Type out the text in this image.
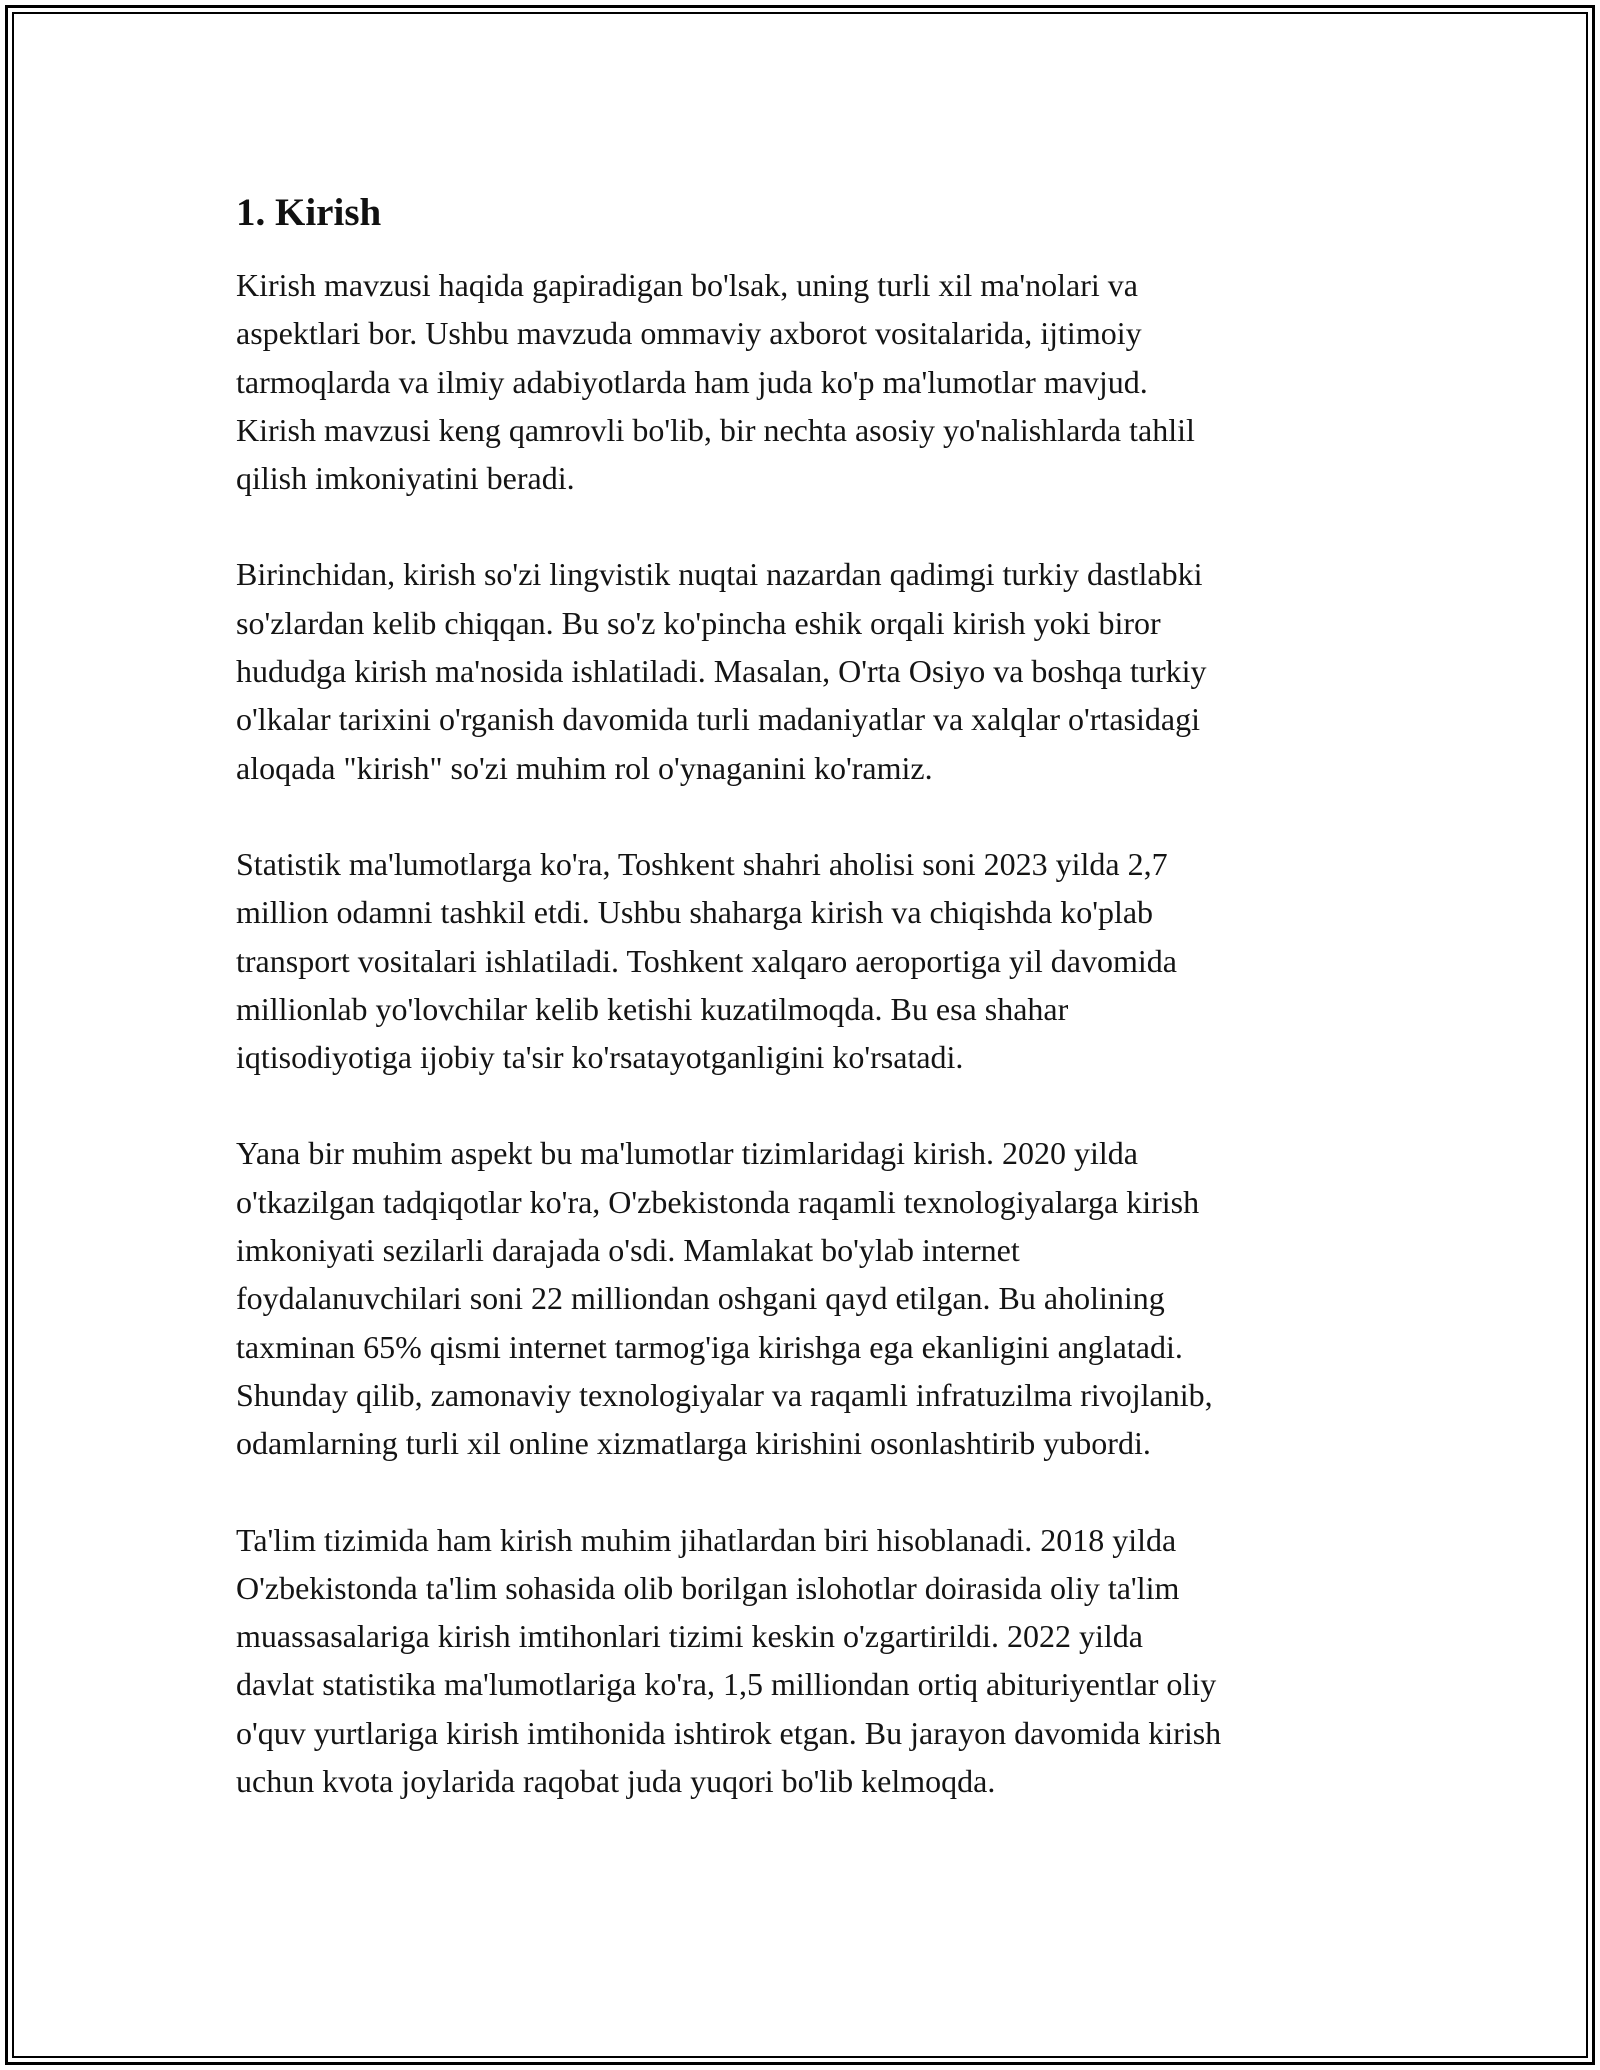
1. Kirish

Kirish mavzusi haqida gapiradigan bo'lsak, uning turli xil ma'nolari va
aspektlari bor. Ushbu mavzuda ommaviy axborot vositalarida, ijtimoiy
tarmoqlarda va ilmiy adabiyotlarda ham juda ko'p ma'lumotlar mavjud.
Kirish mavzusi keng qamrovli bo'lib, bir nechta asosiy yo'nalishlarda tahlil
qilish imkoniyatini beradi.

Birinchidan, kirish so'zi lingvistik nuqtai nazardan qadimgi turkiy dastlabki
so'zlardan kelib chiqqan. Bu so'z ko'pincha eshik orqali kirish yoki biror
hududga kirish ma'nosida ishlatiladi. Masalan, O'rta Osiyo va boshqa turkiy
o'lkalar tarixini o'rganish davomida turli madaniyatlar va xalqlar o'rtasidagi
aloqada "kirish" so'zi muhim rol o'ynaganini ko'ramiz.

Statistik ma'lumotlarga ko'ra, Toshkent shahri aholisi soni 2023 yilda 2,7
million odamni tashkil etdi. Ushbu shaharga kirish va chiqishda ko'plab
transport vositalari ishlatiladi. Toshkent xalqaro aeroportiga yil davomida
millionlab yo'lovchilar kelib ketishi kuzatilmoqda. Bu esa shahar
iqtisodiyotiga ijobiy ta'sir ko'rsatayotganligini ko'rsatadi.

Yana bir muhim aspekt bu ma'lumotlar tizimlaridagi kirish. 2020 yilda
o'tkazilgan tadqiqotlar ko'ra, O'zbekistonda raqamli texnologiyalarga kirish
imkoniyati sezilarli darajada o'sdi. Mamlakat bo'ylab internet
foydalanuvchilari soni 22 milliondan oshgani qayd etilgan. Bu aholining
taxminan 65% qismi internet tarmog'iga kirishga ega ekanligini anglatadi.
Shunday qilib, zamonaviy texnologiyalar va raqamli infratuzilma rivojlanib,
odamlarning turli xil online xizmatlarga kirishini osonlashtirib yubordi.

Ta'lim tizimida ham kirish muhim jihatlardan biri hisoblanadi. 2018 yilda
O'zbekistonda ta'lim sohasida olib borilgan islohotlar doirasida oliy ta'lim
muassasalariga kirish imtihonlari tizimi keskin o'zgartirildi. 2022 yilda
davlat statistika ma'lumotlariga ko'ra, 1,5 milliondan ortiq abituriyentlar oliy
o'quv yurtlariga kirish imtihonida ishtirok etgan. Bu jarayon davomida kirish
uchun kvota joylarida raqobat juda yuqori bo'lib kelmoqda.
